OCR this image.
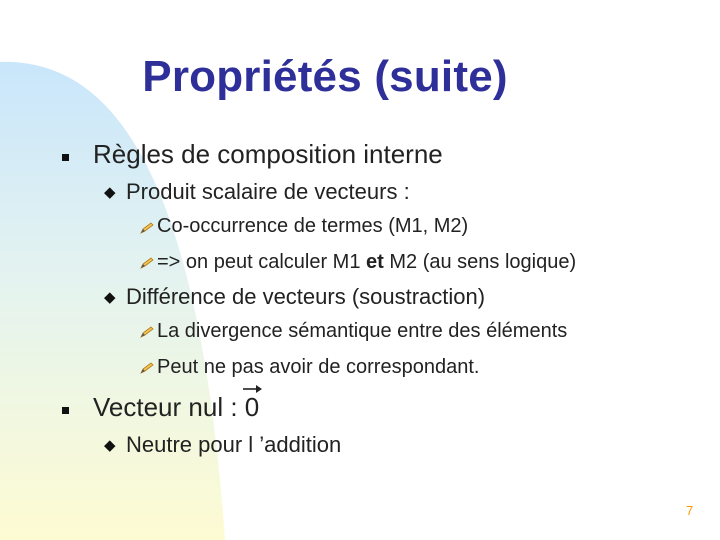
Propriétés (suite)
Règles de composition interne
◆ Produit scalaire de vecteurs :
Co-occurrence de termes (M1, M2)
=> on peut calculer M1 et M2 (au sens logique)
◆ Différence de vecteurs (soustraction)
La divergence sémantique entre des éléments
Peut ne pas avoir de correspondant.
Vecteur nul :
0
◆ Neutre pour l ’addition
7
